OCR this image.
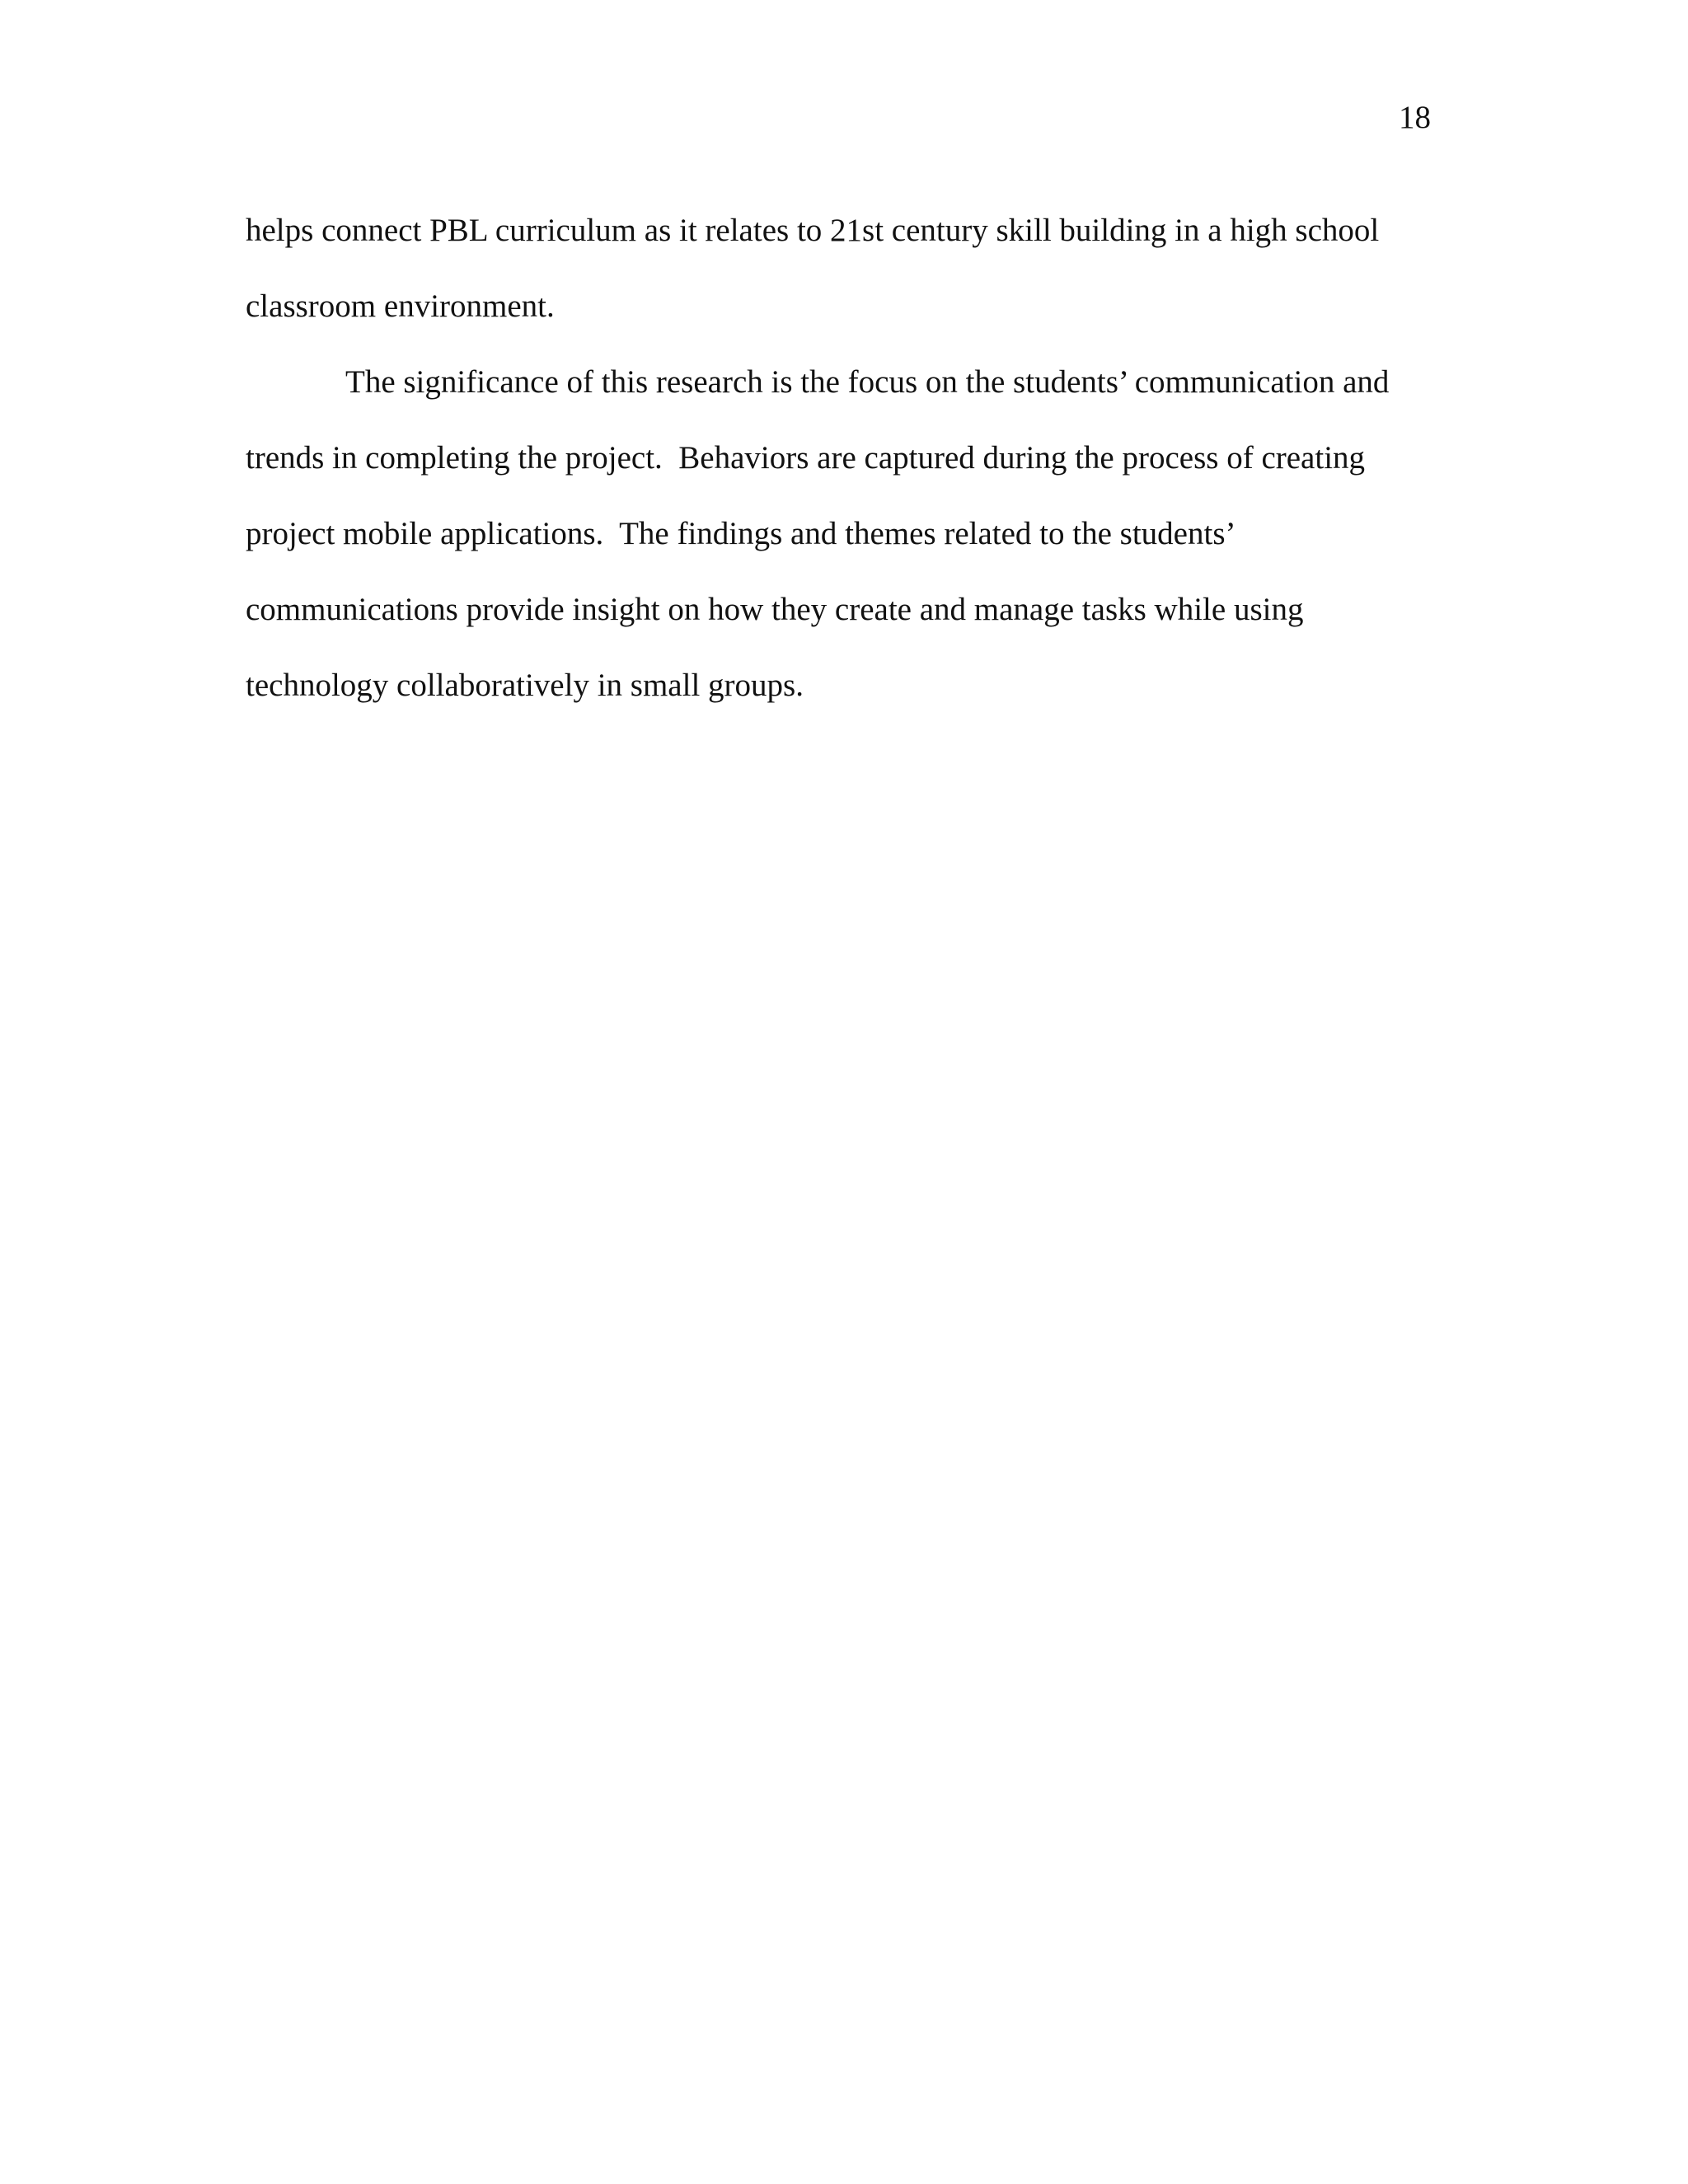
18

helps connect PBL curriculum as it relates to 21st century skill building in a high school

classroom environment.

The significance of this research is the focus on the students’ communication and

trends in completing the project.  Behaviors are captured during the process of creating

project mobile applications.  The findings and themes related to the students’

communications provide insight on how they create and manage tasks while using

technology collaboratively in small groups.
